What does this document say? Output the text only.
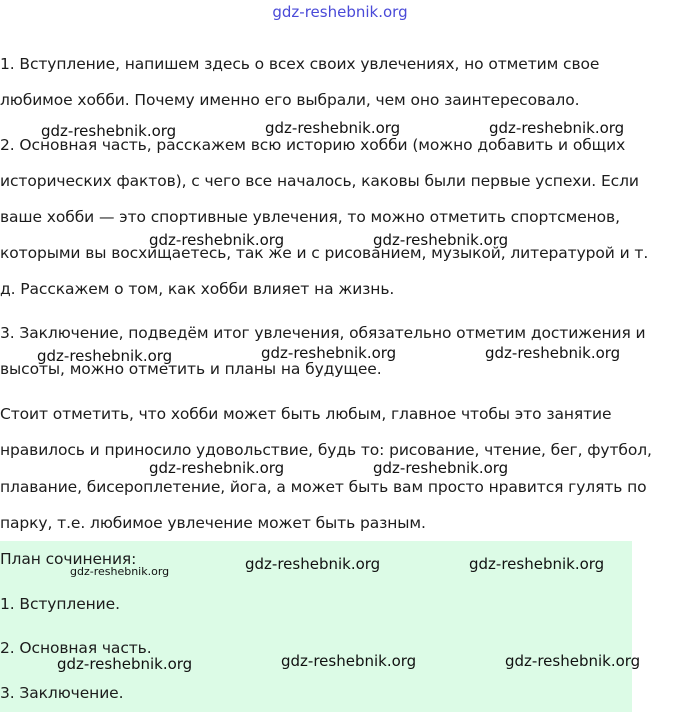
gdz-reshebnik.org
1. Вступление, напишем здесь о всех своих увлечениях, но отметим свое
любимое хобби. Почему именно его выбрали, чем оно заинтересовало.
2. Основная часть, расскажем всю историю хобби (можно добавить и общих
исторических фактов), с чего все началось, каковы были первые успехи. Если
ваше хобби — это спортивные увлечения, то можно отметить спортсменов,
которыми вы восхищаетесь, так же и с рисованием, музыкой, литературой и т.
д. Расскажем о том, как хобби влияет на жизнь.
3. Заключение, подведём итог увлечения, обязательно отметим достижения и
высоты, можно отметить и планы на будущее.
Стоит отметить, что хобби может быть любым, главное чтобы это занятие
нравилось и приносило удовольствие, будь то: рисование, чтение, бег, футбол,
плавание, бисероплетение, йога, а может быть вам просто нравится гулять по
парку, т.е. любимое увлечение может быть разным.
План сочинения:
1. Вступление.
2. Основная часть.
3. Заключение.
gdz-reshebnik.org	gdz-reshebnik.org	gdz-reshebnik.org
gdz-reshebnik.org	gdz-reshebnik.org
gdz-reshebnik.org	gdz-reshebnik.org	gdz-reshebnik.org
gdz-reshebnik.org	gdz-reshebnik.org
gdz-reshebnik.org	gdz-reshebnik.org	gdz-reshebnik.org
gdz-reshebnik.org	gdz-reshebnik.org	gdz-reshebnik.org
